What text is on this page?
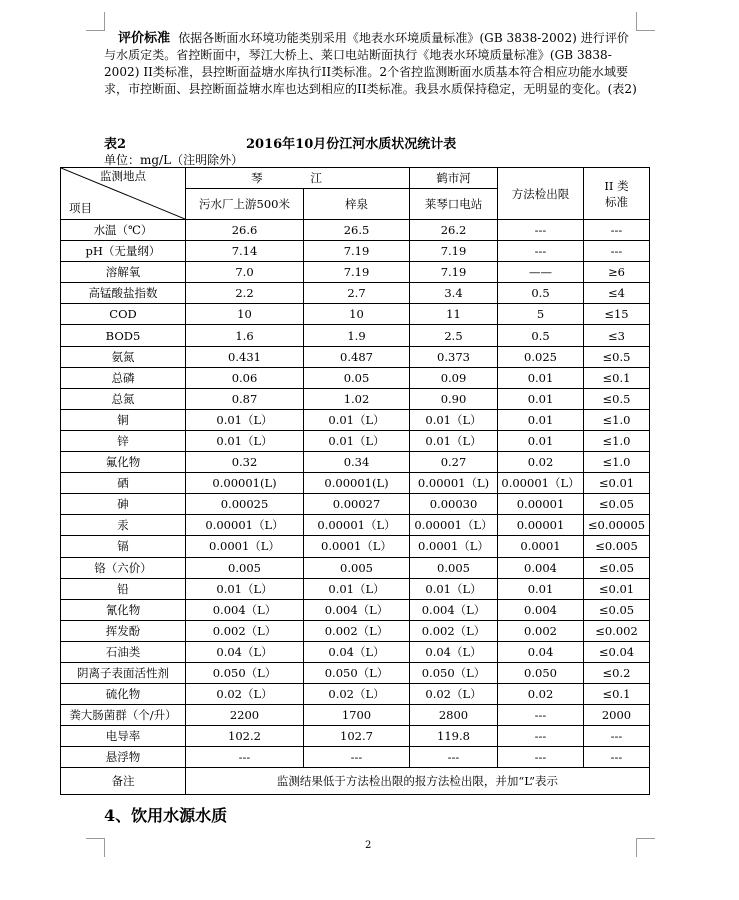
评价标准 依据各断面水环境功能类别采用《地表水环境质量标准》(GB 3838-2002) 进行评价与水质定类。省控断面中，琴江大桥上、莱口电站断面执行《地表水环境质量标准》(GB 3838-2002) II类标准，县控断面益塘水库执行II类标准。2个省控监测断面水质基本符合相应功能水域要求，市控断面、县控断面益塘水库也达到相应的II类标准。我县水质保持稳定，无明显的变化。(表2)
表2	2016年10月份江河水质状况统计表
单位：mg/L（注明除外）
监测地点
项目	琴 江		鹤市河	方法检出限	II 类
标准
	污水厂上游500米	梓泉	莱琴口电站		
水温（℃）	26.6	26.5	26.2	---	---
pH（无量纲）	7.14	7.19	7.19	---	---
溶解氧	7.0	7.19	7.19	——	≥6
高锰酸盐指数	2.2	2.7	3.4	0.5	≤4
COD	10	10	11	5	≤15
BOD5	1.6	1.9	2.5	0.5	≤3
氨氮	0.431	0.487	0.373	0.025	≤0.5
总磷	0.06	0.05	0.09	0.01	≤0.1
总氮	0.87	1.02	0.90	0.01	≤0.5
铜	0.01（L）	0.01（L）	0.01（L）	0.01	≤1.0
锌	0.01（L）	0.01（L）	0.01（L）	0.01	≤1.0
氟化物	0.32	0.34	0.27	0.02	≤1.0
硒	0.00001(L)	0.00001(L)	0.00001（L)	0.00001（L）	≤0.01
砷	0.00025	0.00027	0.00030	0.00001	≤0.05
汞	0.00001（L）	0.00001（L）	0.00001（L）	0.00001	≤0.00005
镉	0.0001（L）	0.0001（L）	0.0001（L）	0.0001	≤0.005
铬（六价）	0.005	0.005	0.005	0.004	≤0.05
铅	0.01（L）	0.01（L）	0.01（L）	0.01	≤0.01
氰化物	0.004（L）	0.004（L）	0.004（L）	0.004	≤0.05
挥发酚	0.002（L）	0.002（L）	0.002（L）	0.002	≤0.002
石油类	0.04（L）	0.04（L）	0.04（L）	0.04	≤0.04
阴离子表面活性剂	0.050（L）	0.050（L）	0.050（L）	0.050	≤0.2
硫化物	0.02（L）	0.02（L）	0.02（L）	0.02	≤0.1
粪大肠菌群（个/升）	2200	1700	2800	---	2000
电导率	102.2	102.7	119.8	---	---
悬浮物	---	---	---	---	---
备注	监测结果低于方法检出限的报方法检出限，并加“L”表示				
4、饮用水源水质
2
